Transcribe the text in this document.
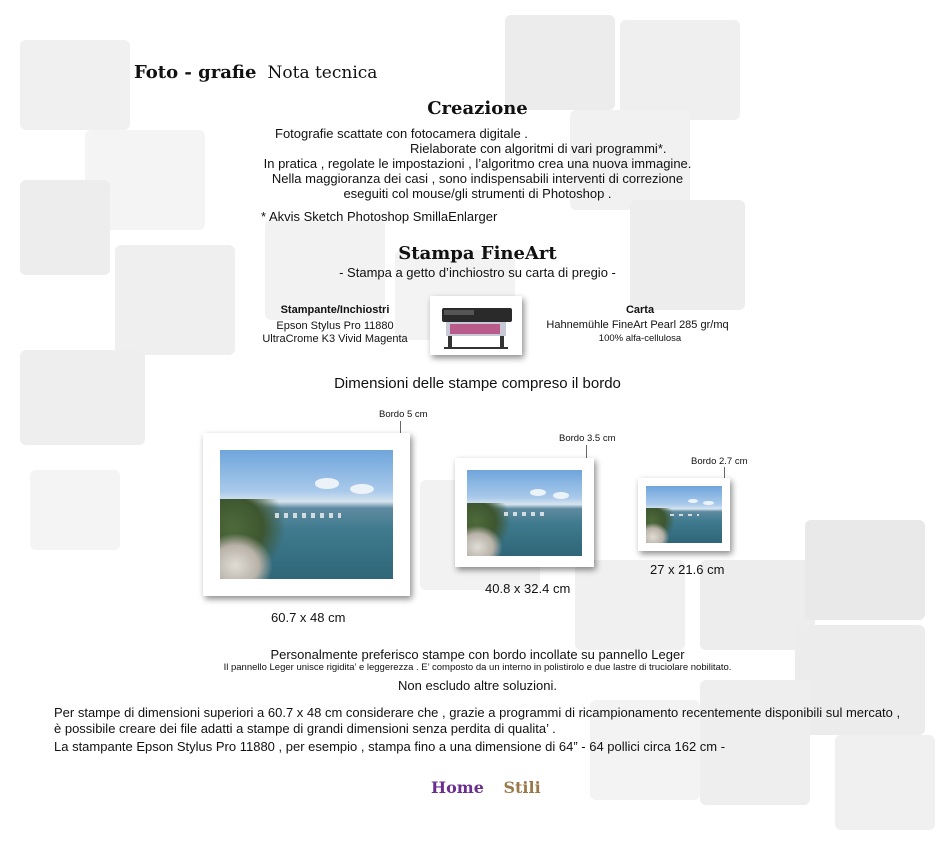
Foto - grafie Nota tecnica
Creazione
Fotografie scattate con fotocamera digitale .
Rielaborate con algoritmi di vari programmi*.
In pratica , regolate le impostazioni , l’algoritmo crea una nuova immagine.
Nella maggioranza dei casi , sono indispensabili interventi di correzione
eseguiti col mouse/gli strumenti di Photoshop .
* Akvis Sketch Photoshop SmillaEnlarger
Stampa FineArt
- Stampa a getto d’inchiostro su carta di pregio -
Stampante/Inchiostri
Epson Stylus Pro 11880
UltraCrome K3 Vivid Magenta
Carta
Hahnemühle FineArt Pearl 285 gr/mq
100% alfa-cellulosa
Dimensioni delle stampe compreso il bordo
Bordo 5 cm
60.7 x 48 cm
Bordo 3.5 cm
40.8 x 32.4 cm
Bordo 2.7 cm
27 x 21.6 cm
Personalmente preferisco stampe con bordo incollate su pannello Leger
Il pannello Leger unisce rigidita’ e leggerezza . E’ composto da un interno in polistirolo e due lastre di truciolare nobilitato.
Non escludo altre soluzioni.
Per stampe di dimensioni superiori a 60.7 x 48 cm considerare che , grazie a programmi di ricampionamento recentemente disponibili sul mercato ,
è possibile creare dei file adatti a stampe di grandi dimensioni senza perdita di qualita’ .
La stampante Epson Stylus Pro 11880 , per esempio , stampa fino a una dimensione di 64” - 64 pollici circa 162 cm -
Home Stili
